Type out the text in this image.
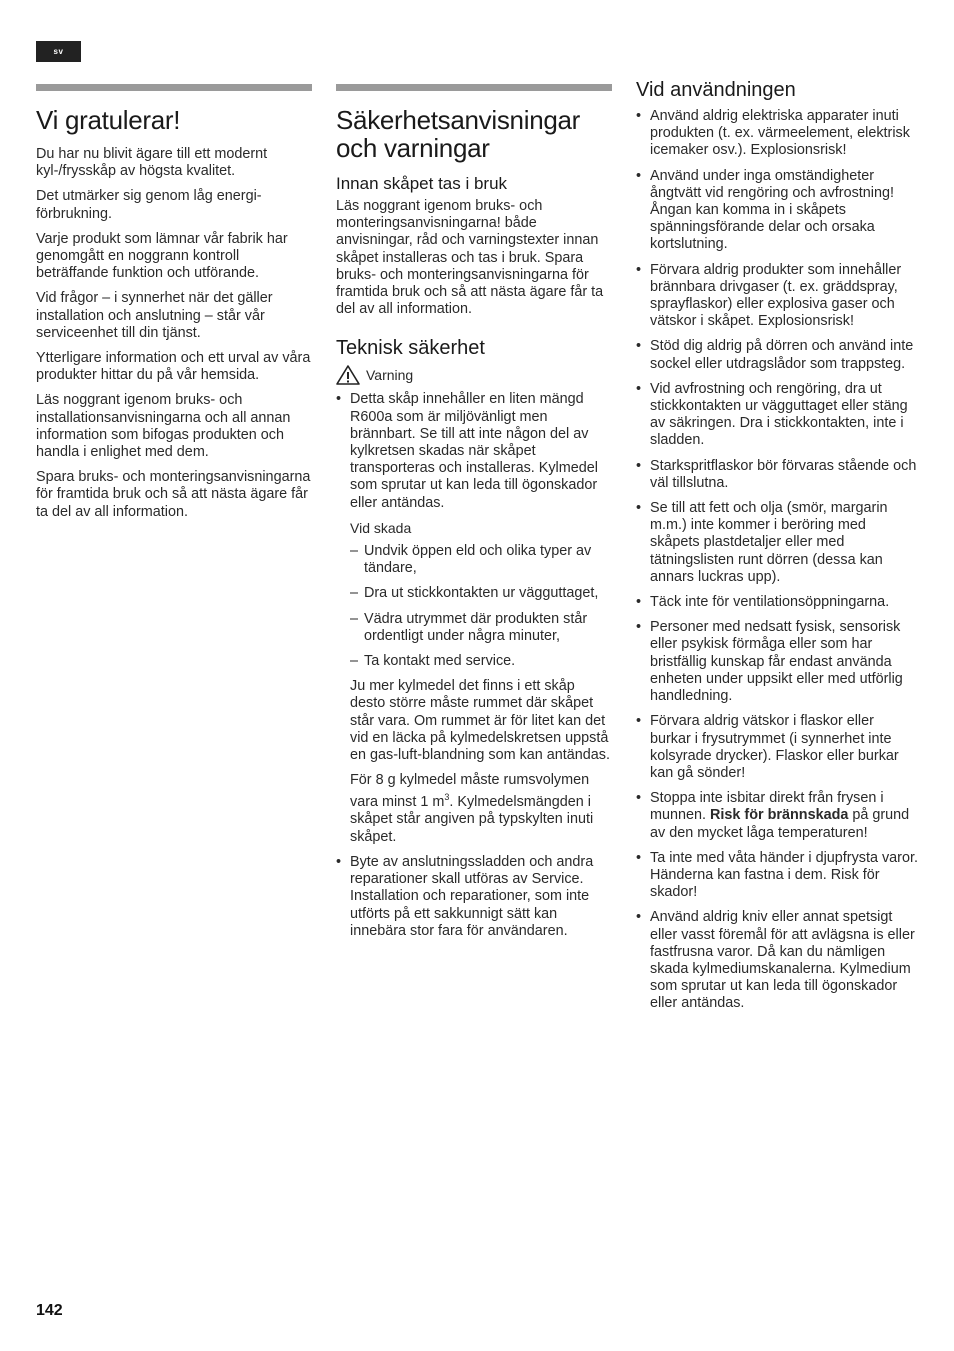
sv
Vi gratulerar!

Du har nu blivit ägare till ett modernt kyl-/frysskåp av högsta kvalitet.

Det utmärker sig genom låg energi-förbrukning.

Varje produkt som lämnar vår fabrik har genomgått en noggrann kontroll beträffande funktion och utförande.

Vid frågor – i synnerhet när det gäller installation och anslutning – står vår serviceenhet till din tjänst.

Ytterligare information och ett urval av våra produkter hittar du på vår hemsida.

Läs noggrant igenom bruks- och installationsanvisningarna och all annan information som bifogas produkten och handla i enlighet med dem.

Spara bruks- och monteringsanvisningarna för framtida bruk och så att nästa ägare får ta del av all information.

Säkerhetsanvisningar och varningar
Innan skåpet tas i bruk

Läs noggrant igenom bruks- och monteringsanvisningarna! både anvisningar, råd och varningstexter innan skåpet installeras och tas i bruk. Spara bruks- och monteringsanvisningarna för framtida bruk och så att nästa ägare får ta del av all information.

Teknisk säkerhet
Varning
• Detta skåp innehåller en liten mängd R600a som är miljövänligt men brännbart. Se till att inte någon del av kylkretsen skadas när skåpet transporteras och installeras. Kylmedel som sprutar ut kan leda till ögonskador eller antändas.
Vid skada
– Undvik öppen eld och olika typer av tändare,
– Dra ut stickkontakten ur vägguttaget,
– Vädra utrymmet där produkten står ordentligt under några minuter,
– Ta kontakt med service.

Ju mer kylmedel det finns i ett skåp desto större måste rummet där skåpet står vara. Om rummet är för litet kan det vid en läcka på kylmedelskretsen uppstå en gas-luft-blandning som kan antändas.

För 8 g kylmedel måste rumsvolymen vara minst 1 $m^3$. Kylmedelsmängden i skåpet står angiven på typskylten inuti skåpet.

• Byte av anslutningssladden och andra reparationer skall utföras av Service. Installation och reparationer, som inte utförts på ett sakkunnigt sätt kan innebära stor fara för användaren.
Vid användningen
• Använd aldrig elektriska apparater inuti produkten (t. ex. värmeelement, elektrisk icemaker osv.). Explosionsrisk!
• Använd under inga omständigheter ångtvätt vid rengöring och avfrostning! Ångan kan komma in i skåpets spänningsförande delar och orsaka kortslutning.
• Förvara aldrig produkter som innehåller brännbara drivgaser (t. ex. gräddspray, sprayflaskor) eller explosiva gaser och vätskor i skåpet. Explosionsrisk!
• Stöd dig aldrig på dörren och använd inte sockel eller utdragslådor som trappsteg.
• Vid avfrostning och rengöring, dra ut stickkontakten ur vägguttaget eller stäng av säkringen. Dra i stickkontakten, inte i sladden.
• Starkspritflaskor bör förvaras stående och väl tillslutna.
• Se till att fett och olja (smör, margarin m.m.) inte kommer i beröring med skåpets plastdetaljer eller med tätningslisten runt dörren (dessa kan annars luckras upp).
• Täck inte för ventilationsöppningarna.
• Personer med nedsatt fysisk, sensorisk eller psykisk förmåga eller som har bristfällig kunskap får endast använda enheten under uppsikt eller med utförlig handledning.
• Förvara aldrig vätskor i flaskor eller burkar i frysutrymmet (i synnerhet inte kolsyrade drycker). Flaskor eller burkar kan gå sönder!
• Stoppa inte isbitar direkt från frysen i munnen. Risk för brännskada på grund av den mycket låga temperaturen!
• Ta inte med våta händer i djupfrysta varor. Händerna kan fastna i dem. Risk för skador!
• Använd aldrig kniv eller annat spetsigt eller vasst föremål för att avlägsna is eller fastfrusna varor. Då kan du nämligen skada kylmediumskanalerna. Kylmedium som sprutar ut kan leda till ögonskador eller antändas.
142
